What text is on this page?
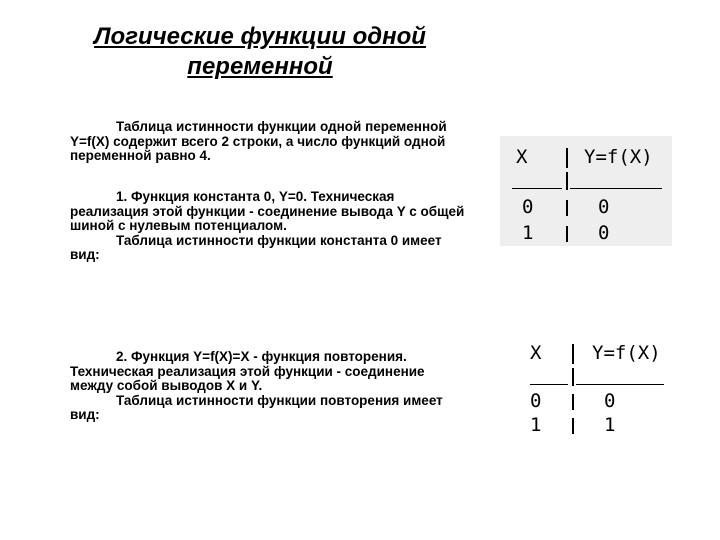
Логические функции одной
переменной

Таблица истинности функции одной переменной Y=f(X) содержит всего 2 строки, а число функций одной переменной равно 4.

1. Функция константа 0, Y=0. Техническая реализация этой функции - соединение вывода Y с общей шиной с нулевым потенциалом.

Таблица истинности функции константа 0 имеет вид:

2. Функция Y=f(X)=X - функция повторения. Техническая реализация этой функции - соединение между собой выводов X и Y.

Таблица истинности функции повторения имеет вид:

X	Y=f(X)
0	0
1	0
X	Y=f(X)
0	0
1	1
